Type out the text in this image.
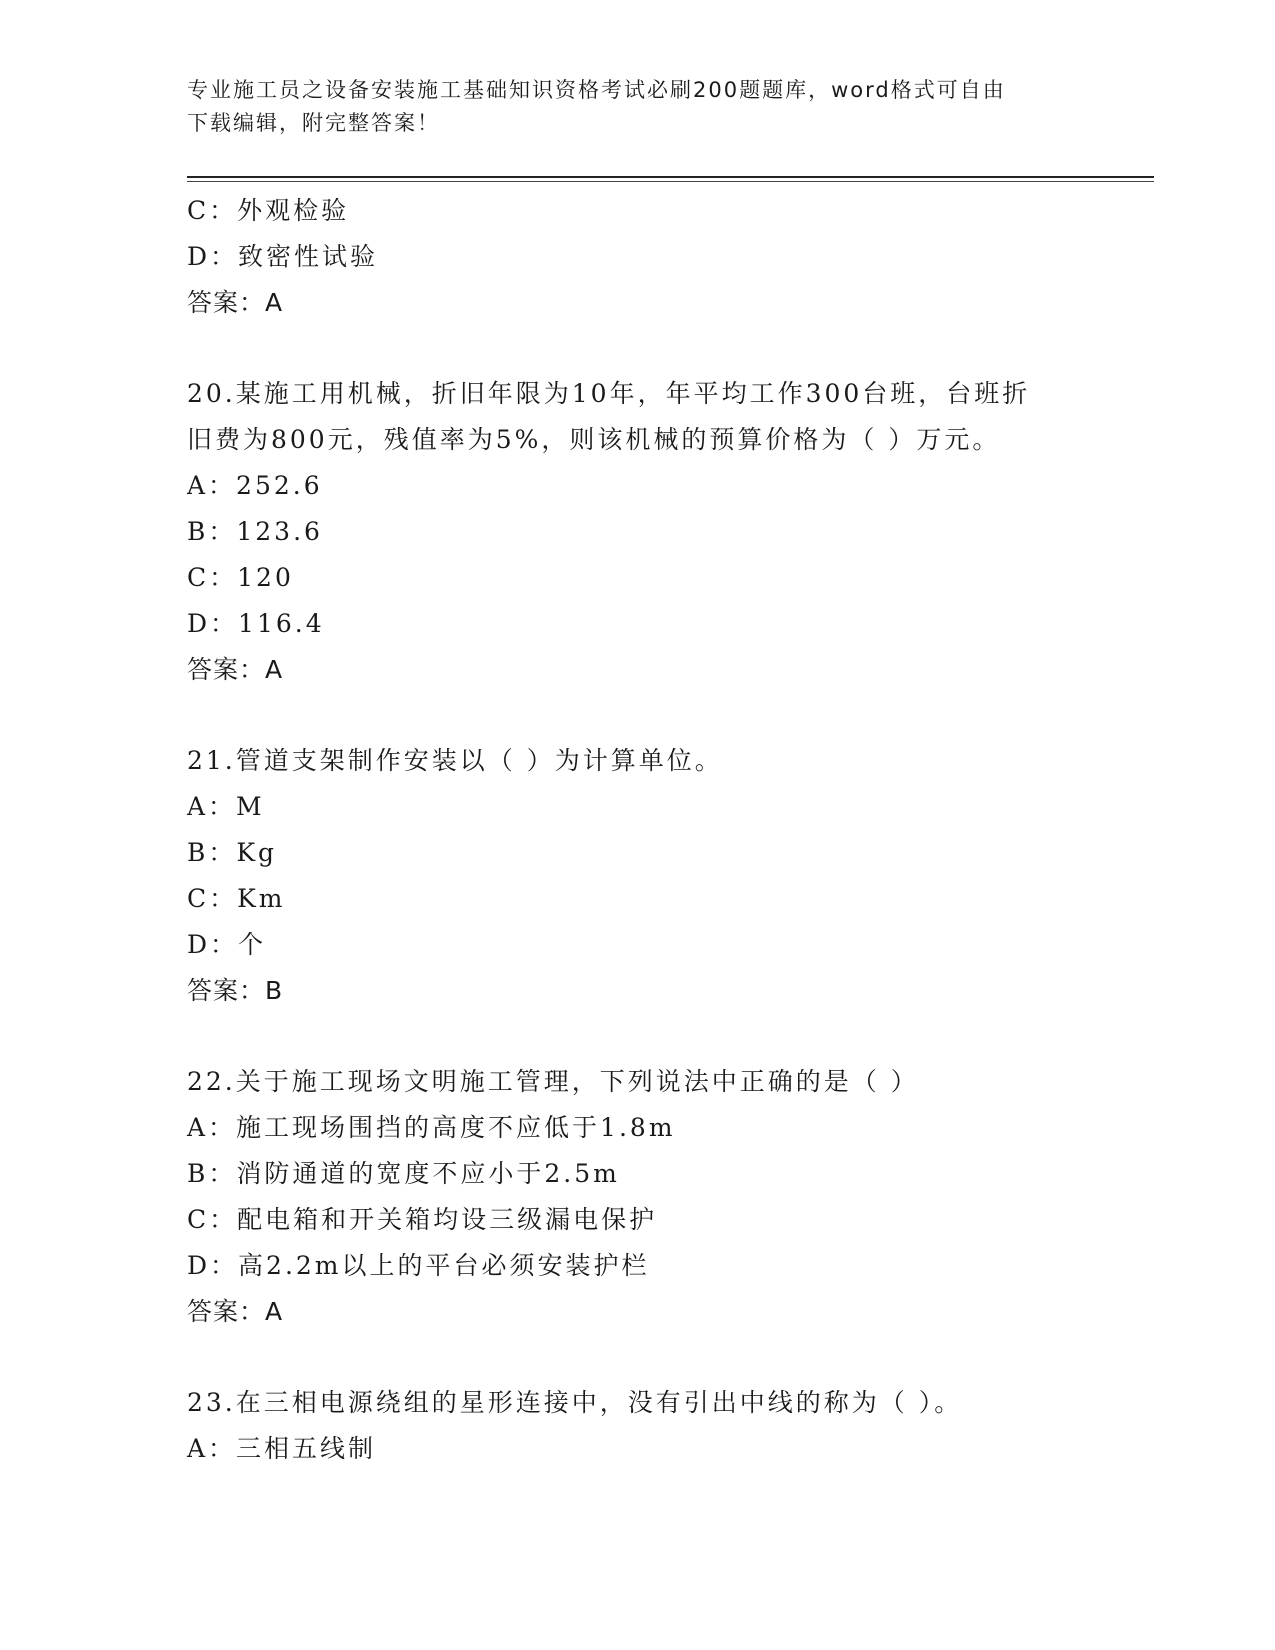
专业施工员之设备安装施工基础知识资格考试必刷200题题库，word格式可自由
下载编辑，附完整答案！
C：外观检验
D：致密性试验
答案：A
20.某施工用机械，折旧年限为10年，年平均工作300台班，台班折
旧费为800元，残值率为5%，则该机械的预算价格为（ ）万元。
A：252.6
B：123.6
C：120
D：116.4
答案：A
21.管道支架制作安装以（ ）为计算单位。
A：M
B：Kg
C：Km
D：个
答案：B
22.关于施工现场文明施工管理，下列说法中正确的是（ ）
A：施工现场围挡的高度不应低于1.8m
B：消防通道的宽度不应小于2.5m
C：配电箱和开关箱均设三级漏电保护
D：高2.2m以上的平台必须安装护栏
答案：A
23.在三相电源绕组的星形连接中，没有引出中线的称为（ ）。
A：三相五线制
